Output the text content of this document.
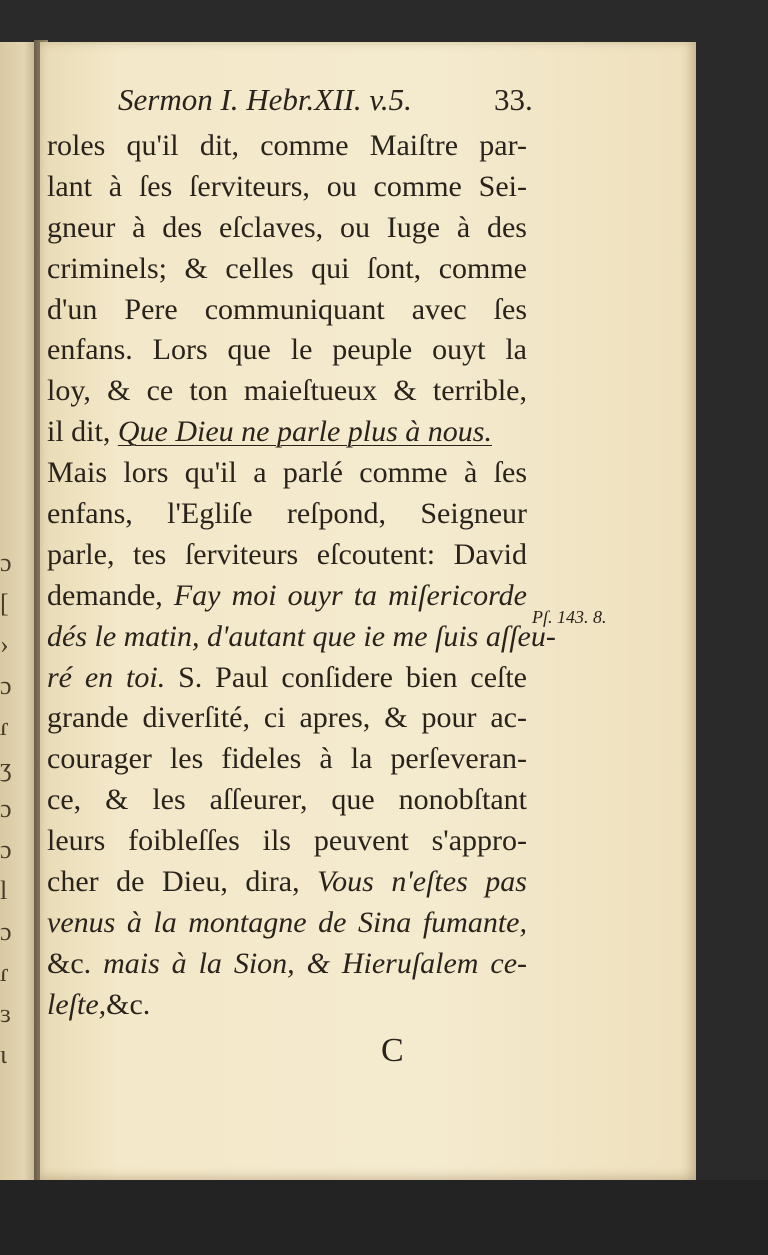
ɔ
[
›
ɔ
ɾ
ʒ
ɔ
ɔ
l
ɔ
ɾ
ɜ
ɩ
Sermon I. Hebr.XII. v.5.	33.
roles qu'il dit, comme Maiſtre par-
lant à ſes ſerviteurs, ou comme Sei-
gneur à des eſclaves, ou Iuge à des
criminels; & celles qui ſont, comme
d'un Pere communiquant avec ſes
enfans. Lors que le peuple ouyt la
loy, & ce ton maieſtueux & terrible,
il dit, Que Dieu ne parle plus à nous.
Mais lors qu'il a parlé comme à ſes
enfans, l'Egliſe reſpond, Seigneur
parle, tes ſerviteurs eſcoutent: David
demande, Fay moi ouyr ta miſericorde
dés le matin, d'autant que ie me ſuis aſſeu-
ré en toi. S. Paul conſidere bien ceſte
grande diverſité, ci apres, & pour ac-
courager les fideles à la perſeveran-
ce, & les aſſeurer, que nonobſtant
leurs foibleſſes ils peuvent s'appro-
cher de Dieu, dira, Vous n'eſtes pas
venus à la montagne de Sina fumante,
&c. mais à la Sion, & Hieruſalem ce-
leſte,&c.
Pſ. 143. 8.
C
